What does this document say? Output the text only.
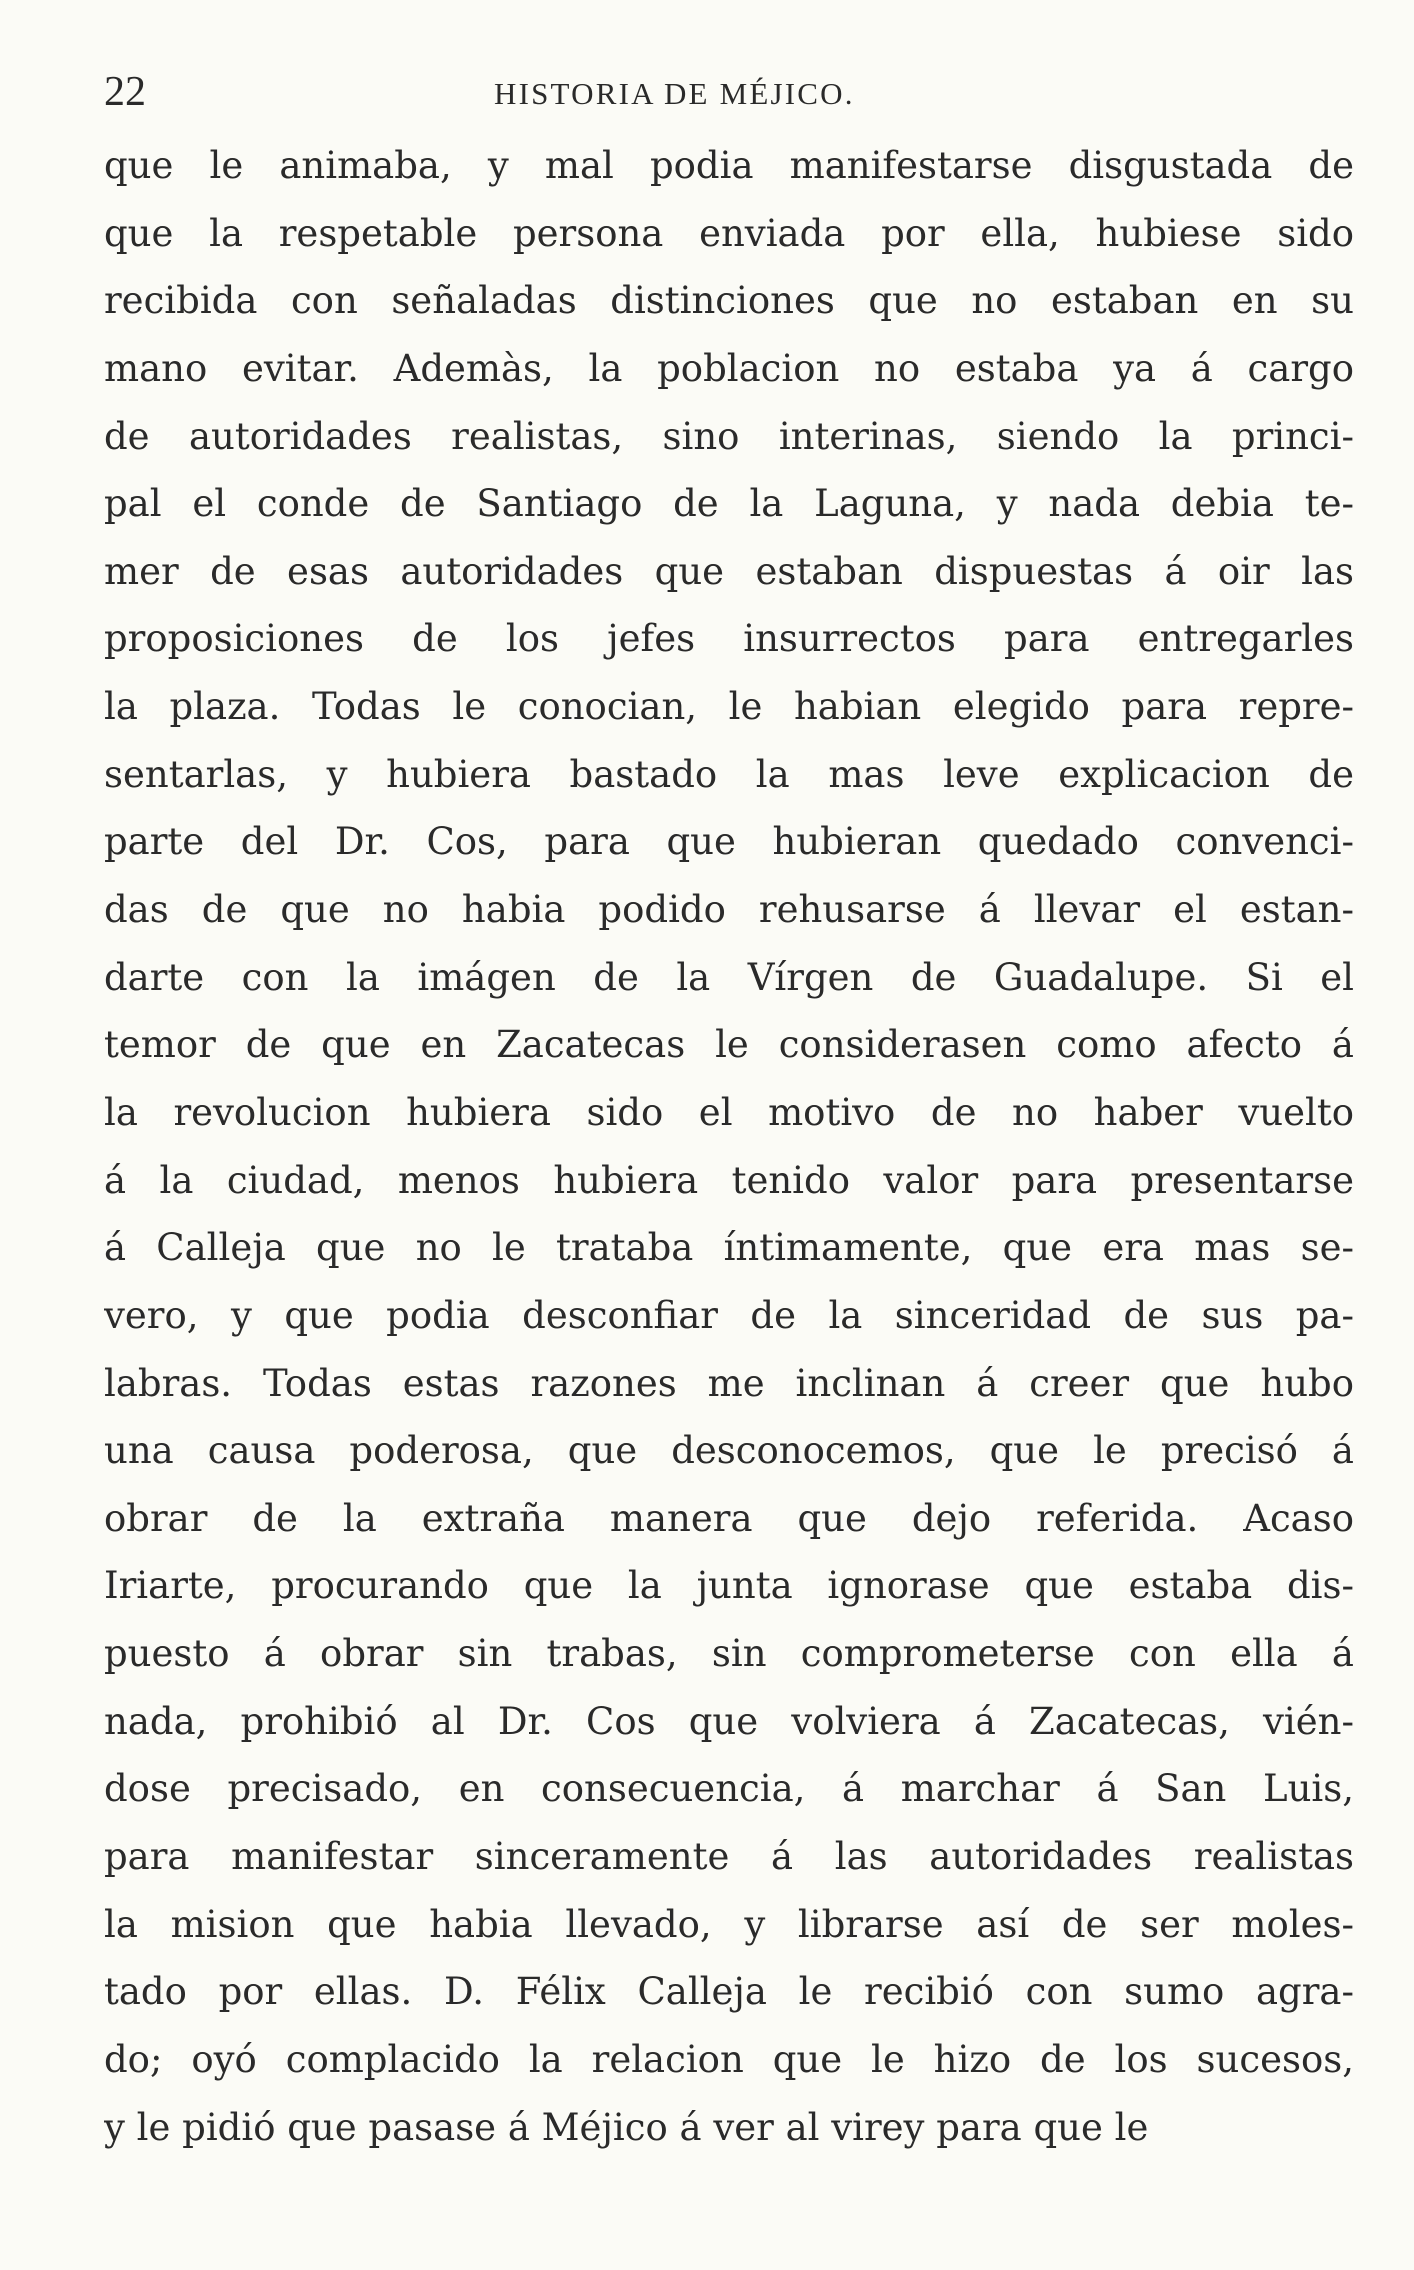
22	HISTORIA DE MÉJICO.
que le animaba, y mal podia manifestarse disgustada de
que la respetable persona enviada por ella, hubiese sido
recibida con señaladas distinciones que no estaban en su
mano evitar. Ademàs, la poblacion no estaba ya á cargo
de autoridades realistas, sino interinas, siendo la princi-
pal el conde de Santiago de la Laguna, y nada debia te-
mer de esas autoridades que estaban dispuestas á oir las
proposiciones de los jefes insurrectos para entregarles
la plaza. Todas le conocian, le habian elegido para repre-
sentarlas, y hubiera bastado la mas leve explicacion de
parte del Dr. Cos, para que hubieran quedado convenci-
das de que no habia podido rehusarse á llevar el estan-
darte con la imágen de la Vírgen de Guadalupe. Si el
temor de que en Zacatecas le considerasen como afecto á
la revolucion hubiera sido el motivo de no haber vuelto
á la ciudad, menos hubiera tenido valor para presentarse
á Calleja que no le trataba íntimamente, que era mas se-
vero, y que podia desconfiar de la sinceridad de sus pa-
labras. Todas estas razones me inclinan á creer que hubo
una causa poderosa, que desconocemos, que le precisó á
obrar de la extraña manera que dejo referida. Acaso
Iriarte, procurando que la junta ignorase que estaba dis-
puesto á obrar sin trabas, sin comprometerse con ella á
nada, prohibió al Dr. Cos que volviera á Zacatecas, vién-
dose precisado, en consecuencia, á marchar á San Luis,
para manifestar sinceramente á las autoridades realistas
la mision que habia llevado, y librarse así de ser moles-
tado por ellas. D. Félix Calleja le recibió con sumo agra-
do; oyó complacido la relacion que le hizo de los sucesos,
y le pidió que pasase á Méjico á ver al virey para que le
